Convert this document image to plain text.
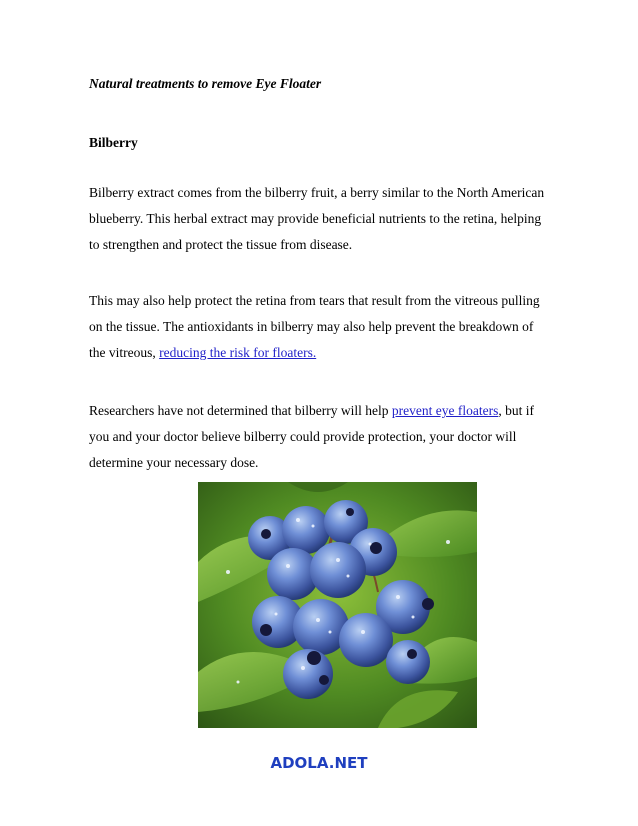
Natural treatments to remove Eye Floater

Bilberry

Bilberry extract comes from the bilberry fruit, a berry similar to the North American
blueberry. This herbal extract may provide beneficial nutrients to the retina, helping
to strengthen and protect the tissue from disease.

This may also help protect the retina from tears that result from the vitreous pulling
on the tissue. The antioxidants in bilberry may also help prevent the breakdown of
the vitreous, reducing the risk for floaters.

Researchers have not determined that bilberry will help prevent eye floaters, but if
you and your doctor believe bilberry could provide protection, your doctor will
determine your necessary dose.

ADOLA.NET
